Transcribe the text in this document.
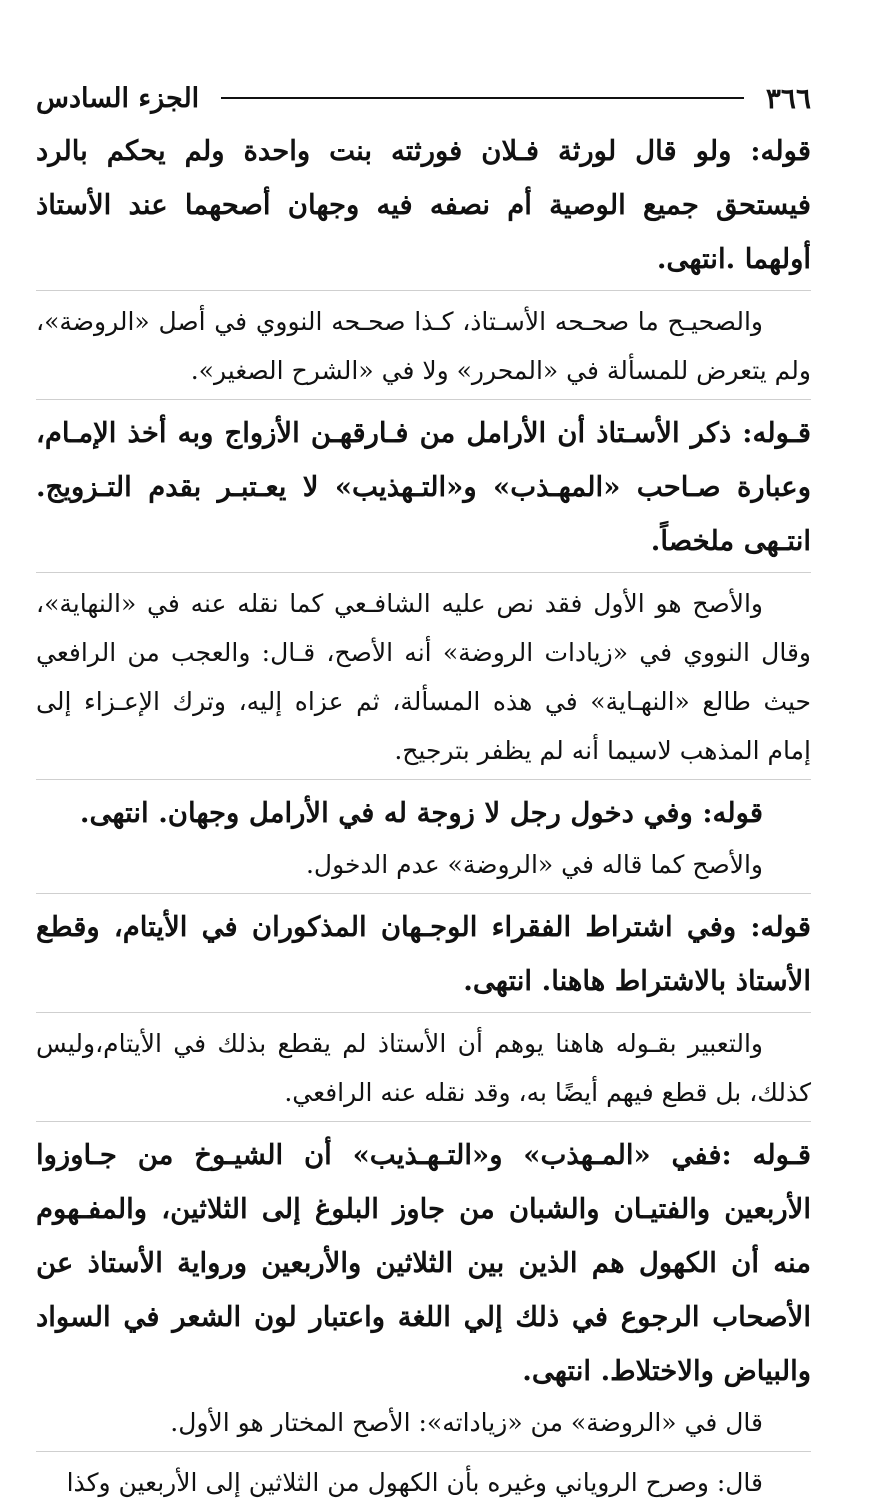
٣٦٦
الجزء السادس
قوله: ولو قال لورثة فـلان فورثته بنت واحدة ولم يحكم بالرد فيستحق جميع الوصية أم نصفه فيه وجهان أصحهما عند الأستاذ أولهما .انتهى.
والصحيـح ما صحـحه الأسـتاذ، كـذا صحـحه النووي في أصل «الروضة»، ولم يتعرض للمسألة في «المحرر» ولا في «الشرح الصغير».
قـوله: ذكر الأسـتاذ أن الأرامل من فـارقهـن الأزواج وبه أخذ الإمـام، وعبارة صـاحب «المهـذب» و«التـهذيب» لا يعـتبـر بقدم التـزويج. انتـهى ملخصاً.
والأصح هو الأول فقد نص عليه الشافـعي كما نقله عنه في «النهاية»، وقال النووي في «زيادات الروضة» أنه الأصح، قـال: والعجب من الرافعي حيث طالع «النهـاية» في هذه المسألة، ثم عزاه إليه، وترك الإعـزاء إلى إمام المذهب لاسيما أنه لم يظفر بترجيح.
قوله: وفي دخول رجل لا زوجة له في الأرامل وجهان. انتهى.
والأصح كما قاله في «الروضة» عدم الدخول.
قوله: وفي اشتراط الفقراء الوجـهان المذكوران في الأيتام، وقطع الأستاذ بالاشتراط هاهنا. انتهى.
والتعبير بقـوله هاهنا يوهم أن الأستاذ لم يقطع بذلك في الأيتام،وليس كذلك، بل قطع فيهم أيضًا به، وقد نقله عنه الرافعي.
قـوله :ففي «المـهذب» و«التـهـذيب» أن الشيـوخ من جـاوزوا الأربعين والفتيـان والشبان من جاوز البلوغ إلى الثلاثين، والمفـهوم منه أن الكهول هم الذين بين الثلاثين والأربعين ورواية الأستاذ عن الأصحاب الرجوع في ذلك إلي اللغة واعتبار لون الشعر في السواد والبياض والاختلاط. انتهى.
قال في «الروضة» من «زياداته»: الأصح المختار هو الأول.
قال: وصرح الروياني وغيره بأن الكهول من الثلاثين إلى الأربعين وكذا
